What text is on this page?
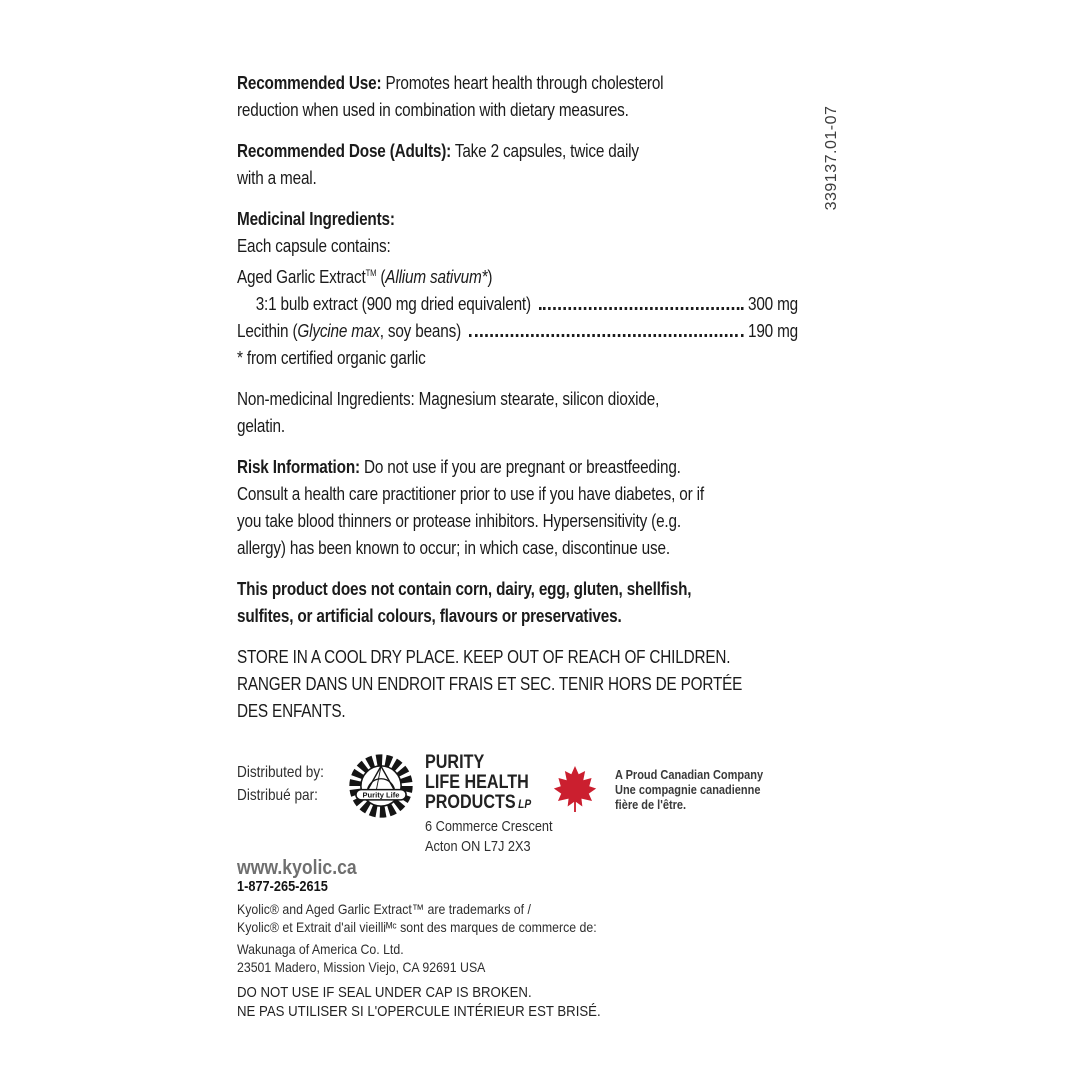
Recommended Use: Promotes heart health through cholesterol
reduction when used in combination with dietary measures.
Recommended Dose (Adults): Take 2 capsules, twice daily
with a meal.
Medicinal Ingredients:
Each capsule contains:
Aged Garlic Extract™ (Allium sativum*)
3:1 bulb extract (900 mg dried equivalent)	300 mg
Lecithin (Glycine max, soy beans)	190 mg
* from certified organic garlic
Non-medicinal Ingredients: Magnesium stearate, silicon dioxide,
gelatin.
Risk Information: Do not use if you are pregnant or breastfeeding.
Consult a health care practitioner prior to use if you have diabetes, or if
you take blood thinners or protease inhibitors. Hypersensitivity (e.g.
allergy) has been known to occur; in which case, discontinue use.
This product does not contain corn, dairy, egg, gluten, shellfish,
sulfites, or artificial colours, flavours or preservatives.
STORE IN A COOL DRY PLACE. KEEP OUT OF REACH OF CHILDREN.
RANGER DANS UN ENDROIT FRAIS ET SEC. TENIR HORS DE PORTÉE
DES ENFANTS.
Distributed by:
Distribué par:	Purity Life
PURITY
LIFE HEALTH
PRODUCTS LP
6 Commerce Crescent
Acton ON L7J 2X3
A Proud Canadian Company
Une compagnie canadienne
fière de l'être.
www.kyolic.ca
1-877-265-2615
Kyolic® and Aged Garlic Extract™ are trademarks of /
Kyolic® et Extrait d'ail vieilliᴹᶜ sont des marques de commerce de:
Wakunaga of America Co. Ltd.
23501 Madero, Mission Viejo, CA 92691 USA
DO NOT USE IF SEAL UNDER CAP IS BROKEN.
NE PAS UTILISER SI L'OPERCULE INTÉRIEUR EST BRISÉ.
339137.01-07
